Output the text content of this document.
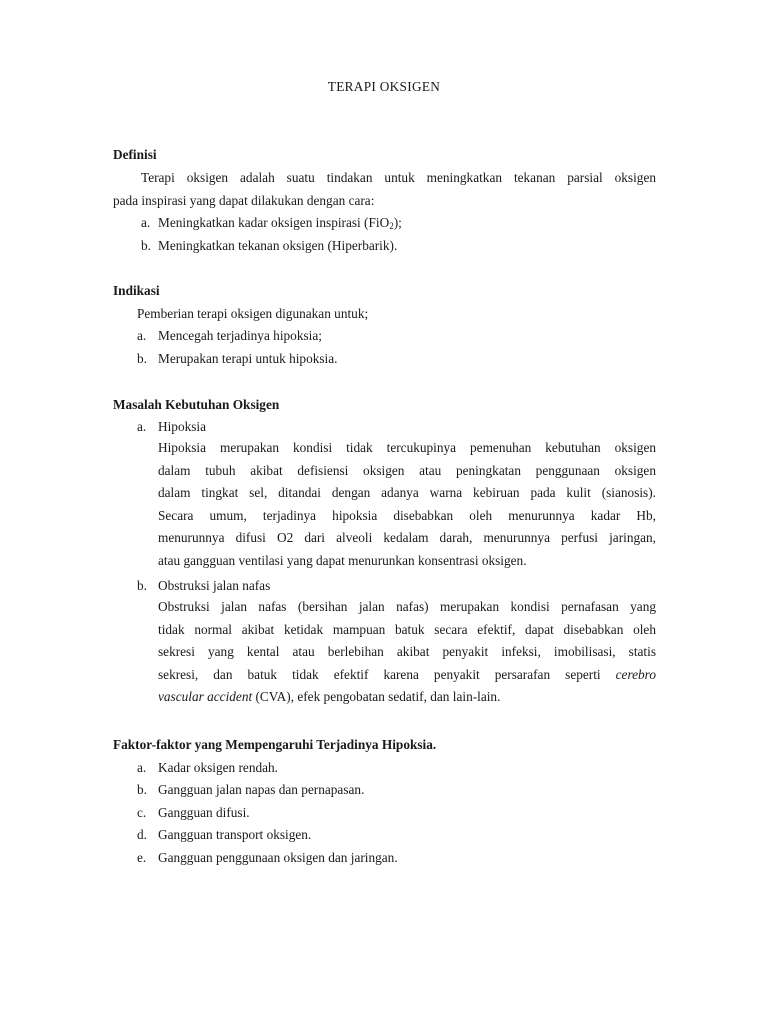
TERAPI OKSIGEN
Definisi
Terapi oksigen adalah suatu tindakan untuk meningkatkan tekanan parsial oksigen
pada inspirasi yang dapat dilakukan dengan cara:
a. Meningkatkan kadar oksigen inspirasi (FiO$_2$);
b. Meningkatkan tekanan oksigen (Hiperbarik).
Indikasi
Pemberian terapi oksigen digunakan untuk;
a. Mencegah terjadinya hipoksia;
b. Merupakan terapi untuk hipoksia.
Masalah Kebutuhan Oksigen
a. Hipoksia
Hipoksia merupakan kondisi tidak tercukupinya pemenuhan kebutuhan oksigen
dalam tubuh akibat defisiensi oksigen atau peningkatan penggunaan oksigen
dalam tingkat sel, ditandai dengan adanya warna kebiruan pada kulit (sianosis).
Secara umum, terjadinya hipoksia disebabkan oleh menurunnya kadar Hb,
menurunnya difusi O2 dari alveoli kedalam darah, menurunnya perfusi jaringan,
atau gangguan ventilasi yang dapat menurunkan konsentrasi oksigen.
b. Obstruksi jalan nafas
Obstruksi jalan nafas (bersihan jalan nafas) merupakan kondisi pernafasan yang
tidak normal akibat ketidak mampuan batuk secara efektif, dapat disebabkan oleh
sekresi yang kental atau berlebihan akibat penyakit infeksi, imobilisasi, statis
sekresi, dan batuk tidak efektif karena penyakit persarafan seperti cerebro
vascular accident (CVA), efek pengobatan sedatif, dan lain-lain.
Faktor-faktor yang Mempengaruhi Terjadinya Hipoksia.
a. Kadar oksigen rendah.
b. Gangguan jalan napas dan pernapasan.
c. Gangguan difusi.
d. Gangguan transport oksigen.
e. Gangguan penggunaan oksigen dan jaringan.
